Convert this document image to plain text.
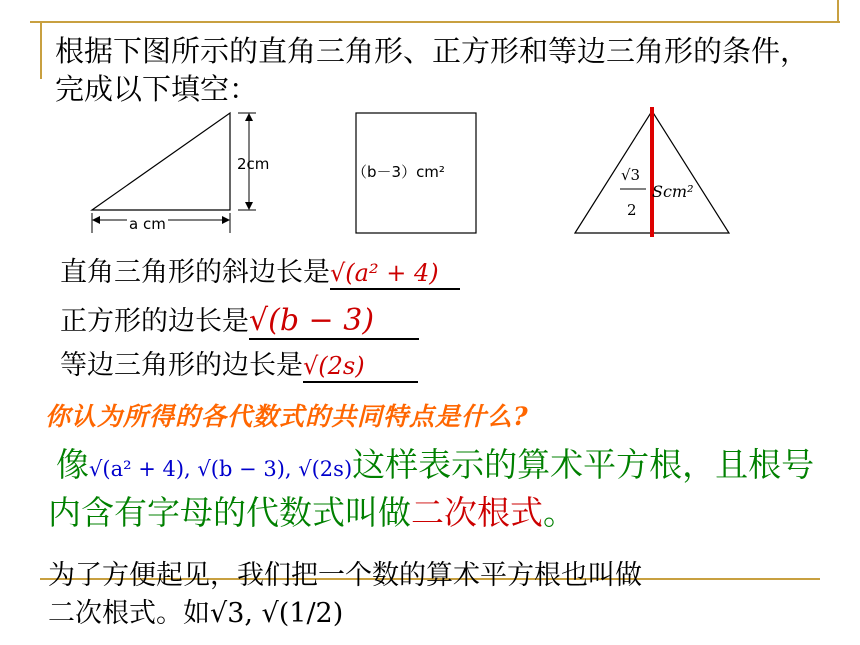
根据下图所示的直角三角形、正方形和等边三角形的条件，完成以下填空：
2cm
a cm
（b－3）cm²	√3
2
Scm²
直角三角形的斜边长是√(a² + 4)
正方形的边长是√(b − 3)
等边三角形的边长是√(2s)
你认为所得的各代数式的共同特点是什么?
像√(a² + 4), √(b − 3), √(2s)这样表示的算术平方根，且根号内含有字母的代数式叫做二次根式。
为了方便起见，我们把一个数的算术平方根也叫做
二次根式。如√3, √(1/2)
